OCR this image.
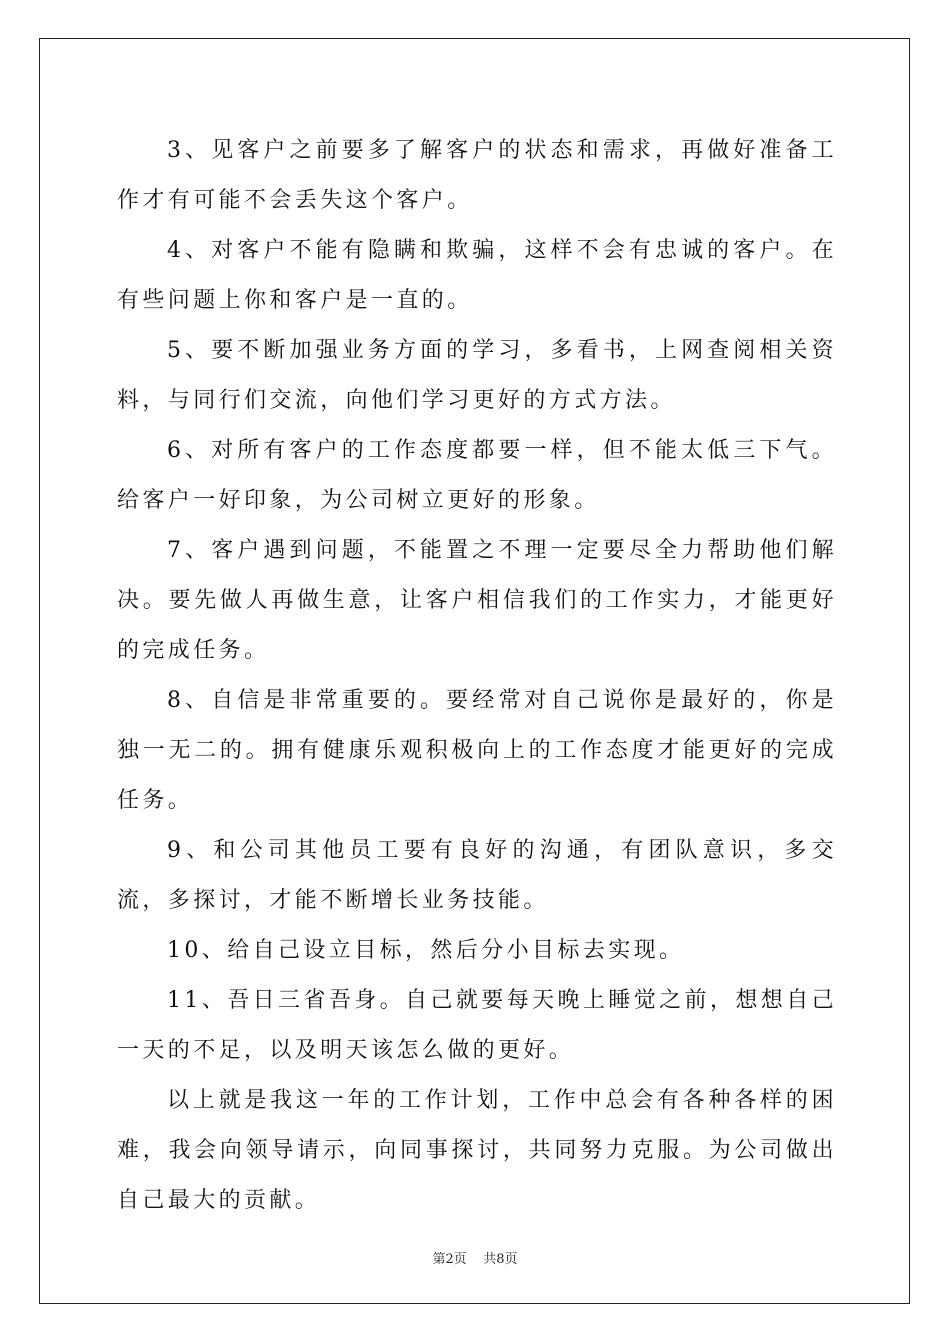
3、见客户之前要多了解客户的状态和需求，再做好准备工作才有可能不会丢失这个客户。

4、对客户不能有隐瞒和欺骗，这样不会有忠诚的客户。在有些问题上你和客户是一直的。

5、要不断加强业务方面的学习，多看书，上网查阅相关资料，与同行们交流，向他们学习更好的方式方法。

6、对所有客户的工作态度都要一样，但不能太低三下气。给客户一好印象，为公司树立更好的形象。

7、客户遇到问题，不能置之不理一定要尽全力帮助他们解决。要先做人再做生意，让客户相信我们的工作实力，才能更好的完成任务。

8、自信是非常重要的。要经常对自己说你是最好的，你是独一无二的。拥有健康乐观积极向上的工作态度才能更好的完成任务。

9、和公司其他员工要有良好的沟通，有团队意识，多交流，多探讨，才能不断增长业务技能。

10、给自己设立目标，然后分小目标去实现。

11、吾日三省吾身。自己就要每天晚上睡觉之前，想想自己一天的不足，以及明天该怎么做的更好。

以上就是我这一年的工作计划，工作中总会有各种各样的困难，我会向领导请示，向同事探讨，共同努力克服。为公司做出自己最大的贡献。

第2页 共8页
